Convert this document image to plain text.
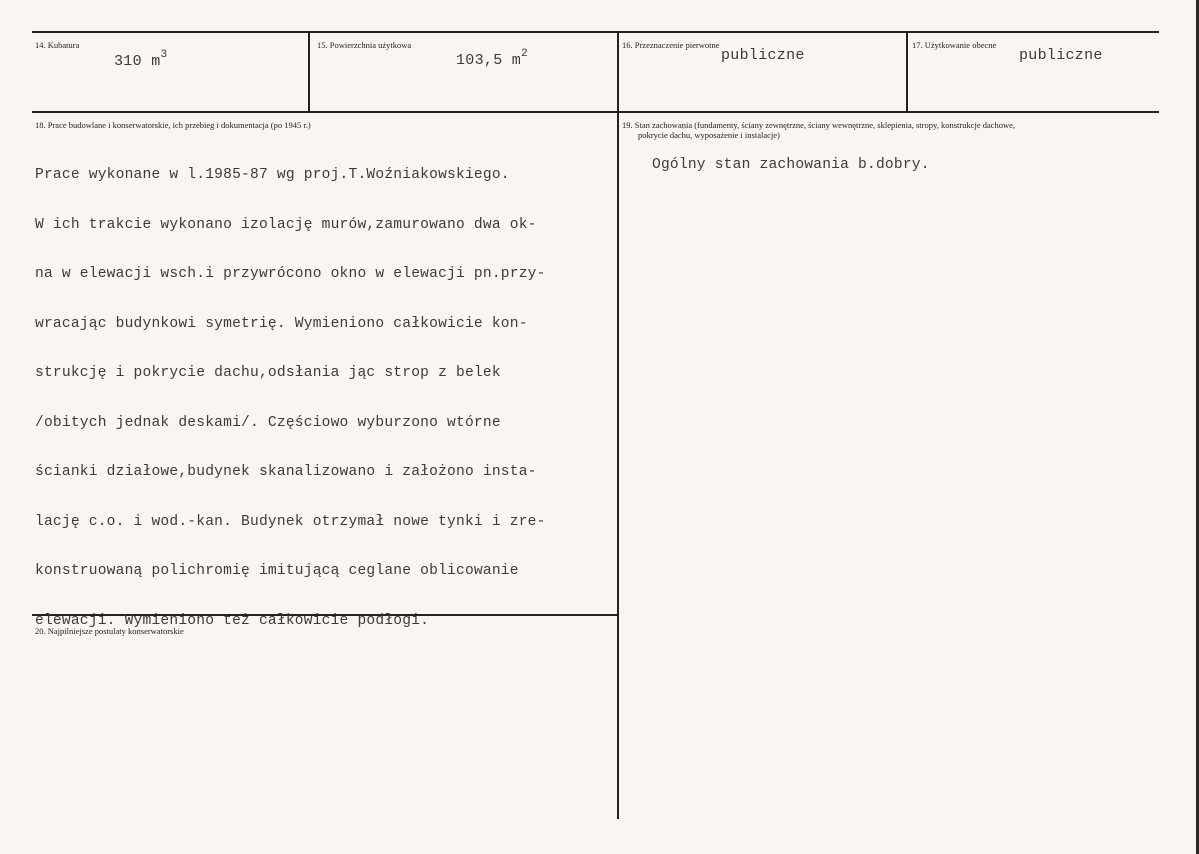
14. Kubatura
310 $m^3$
15. Powierzchnia użytkowa
103,5 $m^2$
16. Przeznaczenie pierwotne
publiczne
17. Użytkowanie obecne
publiczne
18. Prace budowlane i konserwatorskie, ich przebieg i dokumentacja (po 1945 r.)

Prace wykonane w l.1985-87 wg proj.T.Woźniakowskiego.

W ich trakcie wykonano izolację murów,zamurowano dwa ok-

na w elewacji wsch.i przywrócono okno w elewacji pn.przy-

wracając budynkowi symetrię. Wymieniono całkowicie kon-

strukcję i pokrycie dachu,odsłania jąc strop z belek

/obitych jednak deskami/. Częściowo wyburzono wtórne

ścianki działowe,budynek skanalizowano i założono insta-

lację c.o. i wod.-kan. Budynek otrzymał nowe tynki i zre-

konstruowaną polichromię imitującą ceglane oblicowanie

elewacji. Wymieniono też całkowicie podłogi.

19. Stan zachowania (fundamenty, ściany zewnętrzne, ściany wewnętrzne, sklepienia, stropy, konstrukcje dachowe,
pokrycie dachu, wyposażenie i instalacje)
Ogólny stan zachowania b.dobry.
20. Najpilniejsze postulaty konserwatorskie
